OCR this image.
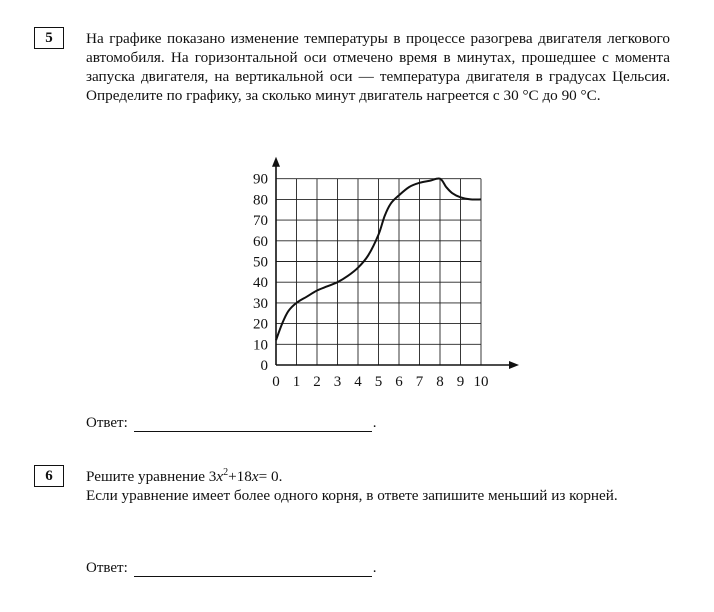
5	На графике показано изменение температуры в процессе разогрева двигателя легкового автомобиля. На горизонтальной оси отмечено время в минутах, прошедшее с момента запуска двигателя, на вертикальной оси — температура двигателя в градусах Цельсия. Определите по графику, за сколько минут двигатель нагреется с 30 °С до 90 °С.
0 1 2 3 4 5 6 7 8 9 10
0
10
20
30
40
50
60
70
80
90
Ответ:	.
6	Решите уравнение $3x^2+18x= 0$.
Если уравнение имеет более одного корня, в ответе запишите меньший из корней.
Ответ:	.
